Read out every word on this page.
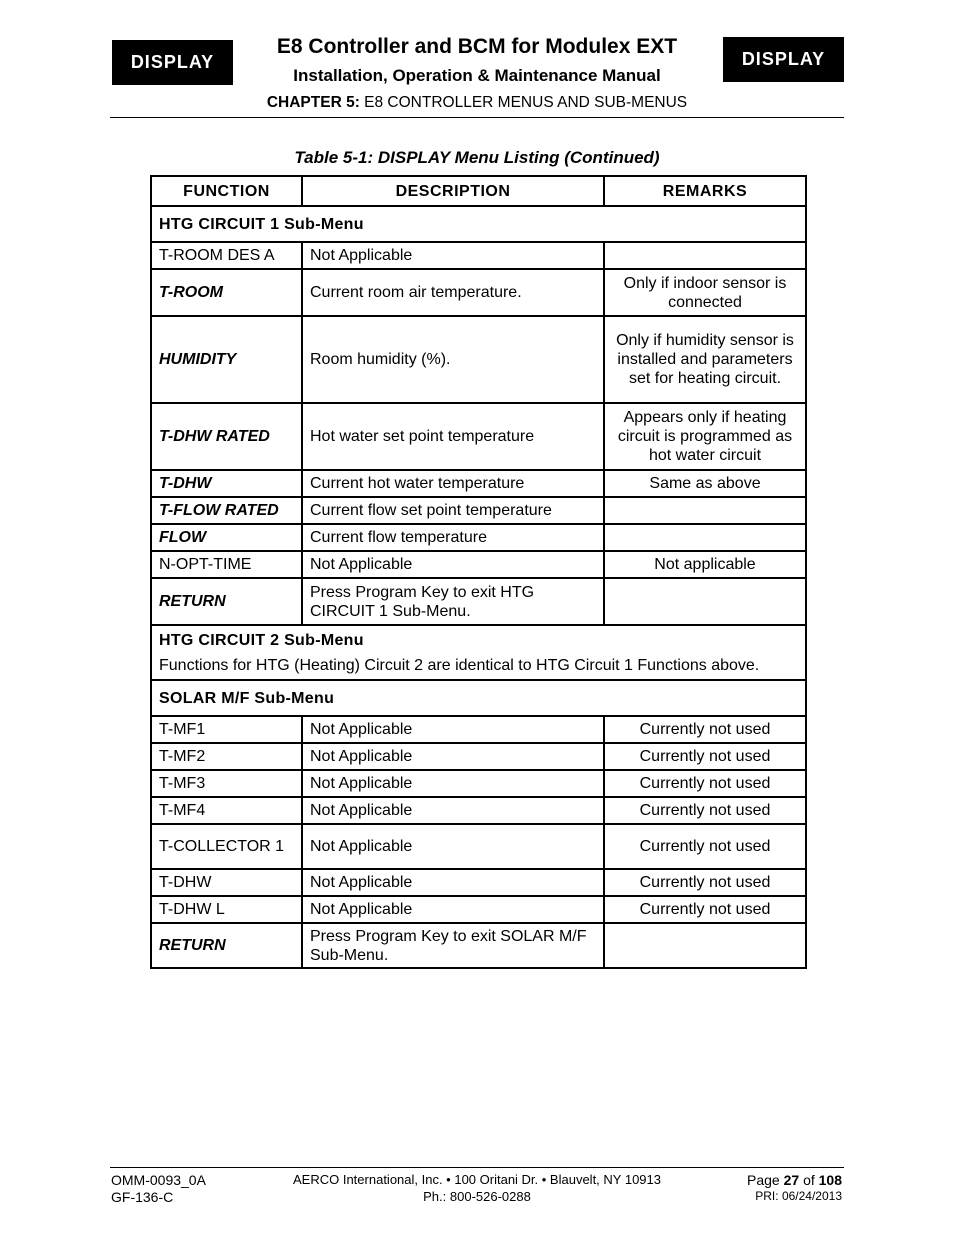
DISPLAY	DISPLAY
E8 Controller and BCM for Modulex EXT
Installation, Operation & Maintenance Manual
CHAPTER 5: E8 CONTROLLER MENUS AND SUB-MENUS
Table 5-1: DISPLAY Menu Listing (Continued)
FUNCTION	DESCRIPTION	REMARKS
HTG CIRCUIT 1 Sub-Menu		
T-ROOM DES A	Not Applicable	
T-ROOM	Current room air temperature.	Only if indoor sensor is connected
HUMIDITY	Room humidity (%).	Only if humidity sensor is installed and parameters set for heating circuit.
T-DHW RATED	Hot water set point temperature	Appears only if heating circuit is programmed as hot water circuit
T-DHW	Current hot water temperature	Same as above
T-FLOW RATED	Current flow set point temperature	
FLOW	Current flow temperature	
N-OPT-TIME	Not Applicable	Not applicable
RETURN	Press Program Key to exit HTG CIRCUIT 1 Sub-Menu.	

HTG CIRCUIT 2 Sub-Menu
Functions for HTG (Heating) Circuit 2 are identical to HTG Circuit 1 Functions above.		

SOLAR M/F Sub-Menu		
T-MF1	Not Applicable	Currently not used
T-MF2	Not Applicable	Currently not used
T-MF3	Not Applicable	Currently not used
T-MF4	Not Applicable	Currently not used
T-COLLECTOR 1	Not Applicable	Currently not used
T-DHW	Not Applicable	Currently not used
T-DHW L	Not Applicable	Currently not used
RETURN	Press Program Key to exit SOLAR M/F Sub-Menu.	
OMM-0093_0A
GF-136-C
AERCO International, Inc. • 100 Oritani Dr. • Blauvelt, NY 10913
Ph.: 800-526-0288
Page 27 of 108
PRI: 06/24/2013
